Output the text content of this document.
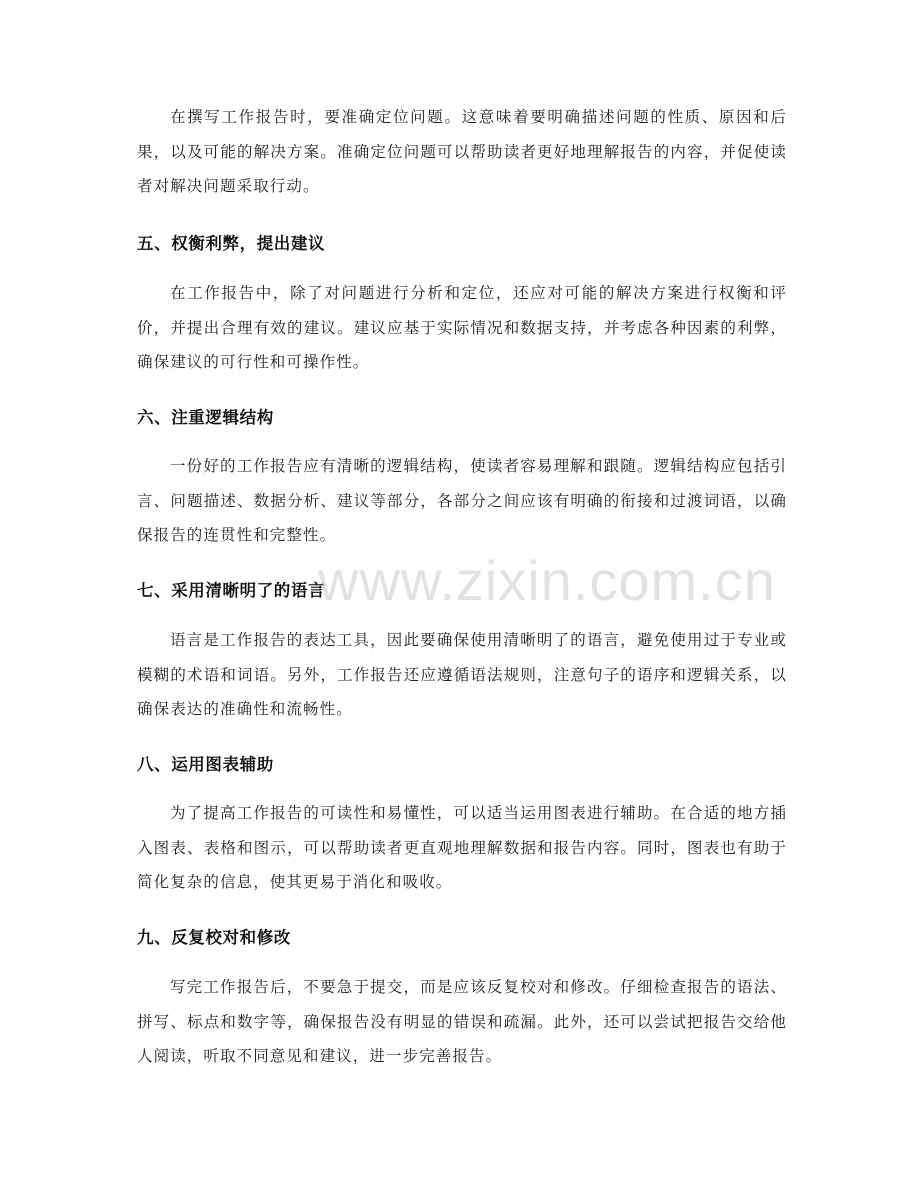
在撰写工作报告时，要准确定位问题。这意味着要明确描述问题的性质、原因和后果，以及可能的解决方案。准确定位问题可以帮助读者更好地理解报告的内容，并促使读者对解决问题采取行动。

五、权衡利弊，提出建议

在工作报告中，除了对问题进行分析和定位，还应对可能的解决方案进行权衡和评价，并提出合理有效的建议。建议应基于实际情况和数据支持，并考虑各种因素的利弊，确保建议的可行性和可操作性。

六、注重逻辑结构

一份好的工作报告应有清晰的逻辑结构，使读者容易理解和跟随。逻辑结构应包括引言、问题描述、数据分析、建议等部分，各部分之间应该有明确的衔接和过渡词语，以确保报告的连贯性和完整性。

七、采用清晰明了的语言

语言是工作报告的表达工具，因此要确保使用清晰明了的语言，避免使用过于专业或模糊的术语和词语。另外，工作报告还应遵循语法规则，注意句子的语序和逻辑关系，以确保表达的准确性和流畅性。

八、运用图表辅助

为了提高工作报告的可读性和易懂性，可以适当运用图表进行辅助。在合适的地方插入图表、表格和图示，可以帮助读者更直观地理解数据和报告内容。同时，图表也有助于简化复杂的信息，使其更易于消化和吸收。

九、反复校对和修改

写完工作报告后，不要急于提交，而是应该反复校对和修改。仔细检查报告的语法、拼写、标点和数字等，确保报告没有明显的错误和疏漏。此外，还可以尝试把报告交给他人阅读，听取不同意见和建议，进一步完善报告。

www.zixin.com.cn
